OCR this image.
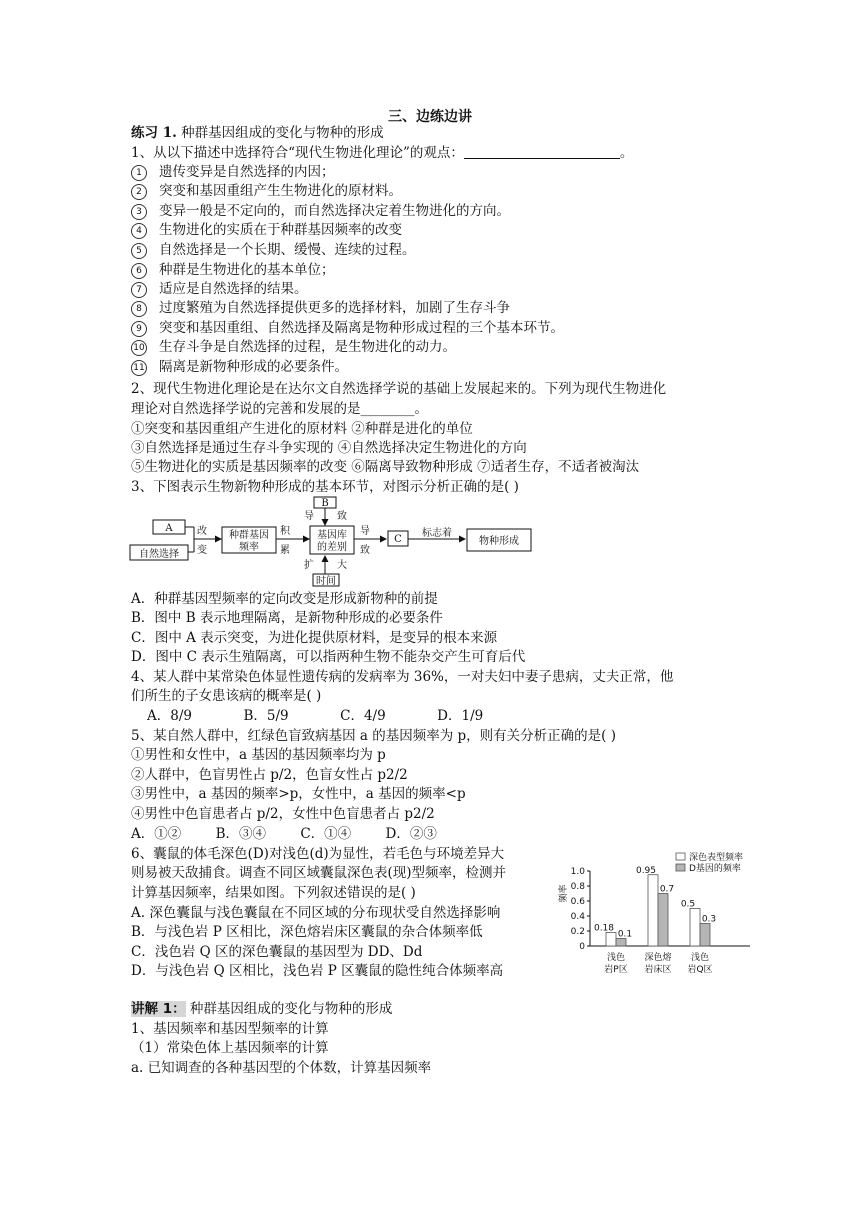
三、边练边讲
练习 1. 种群基因组成的变化与物种的形成
1、从以下描述中选择符合“现代生物进化理论”的观点：	。
1 遗传变异是自然选择的内因；
2 突变和基因重组产生生物进化的原材料。
3 变异一般是不定向的，而自然选择决定着生物进化的方向。
4 生物进化的实质在于种群基因频率的改变
5 自然选择是一个长期、缓慢、连续的过程。
6 种群是生物进化的基本单位；
7 适应是自然选择的结果。
8 过度繁殖为自然选择提供更多的选择材料，加剧了生存斗争
9 突变和基因重组、自然选择及隔离是物种形成过程的三个基本环节。
10 生存斗争是自然选择的过程，是生物进化的动力。
11 隔离是新物种形成的必要条件。
2、现代生物进化理论是在达尔文自然选择学说的基础上发展起来的。下列为现代生物进化
理论对自然选择学说的完善和发展的是________。
①突变和基因重组产生进化的原材料 ②种群是进化的单位
③自然选择是通过生存斗争实现的 ④自然选择决定生物进化的方向
⑤生物进化的实质是基因频率的改变 ⑥隔离导致物种形成 ⑦适者生存，不适者被淘汰
3、下图表示生物新物种形成的基本环节，对图示分析正确的是( )
A
自然选择
改
变
种群基因
频率
积
累
B
导 致
基因库
的差别
扩 大
时间
导
致
C
标志着
物种形成
A．种群基因型频率的定向改变是形成新物种的前提
B．图中 B 表示地理隔离，是新物种形成的必要条件
C．图中 A 表示突变，为进化提供原材料，是变异的根本来源
D．图中 C 表示生殖隔离，可以指两种生物不能杂交产生可育后代
4、某人群中某常染色体显性遗传病的发病率为 36%，一对夫妇中妻子患病，丈夫正常，他
们所生的子女患该病的概率是( )
A．8/9            B．5/9            C．4/9            D．1/9
5、某自然人群中，红绿色盲致病基因 a 的基因频率为 p，则有关分析正确的是( )
①男性和女性中，a 基因的基因频率均为 p
②人群中，色盲男性占 p/2，色盲女性占 p2/2
③男性中，a 基因的频率>p，女性中，a 基因的频率<p
④男性中色盲患者占 p/2，女性中色盲患者占 p2/2
A．①②        B．③④        C．①④        D．②③
6、囊鼠的体毛深色(D)对浅色(d)为显性，若毛色与环境差异大
则易被天敌捕食。调查不同区域囊鼠深色表(现)型频率，检测并
计算基因频率，结果如图。下列叙述错误的是( )
A. 深色囊鼠与浅色囊鼠在不同区域的分布现状受自然选择影响
B．与浅色岩 P 区相比，深色熔岩床区囊鼠的杂合体频率低
C．浅色岩 Q 区的深色囊鼠的基因型为 DD、Dd
D．与浅色岩 Q 区相比，浅色岩 P 区囊鼠的隐性纯合体频率高
0
0.2
0.4
0.6
0.8
1.0
频率
0.18
0.1
浅色
岩P区
0.95
0.7
深色熔
岩床区
0.5
0.3
浅色
岩Q区
深色表型频率
D基因的频率
讲解 1： 种群基因组成的变化与物种的形成
1、基因频率和基因型频率的计算
（1）常染色体上基因频率的计算
a. 已知调查的各种基因型的个体数，计算基因频率
